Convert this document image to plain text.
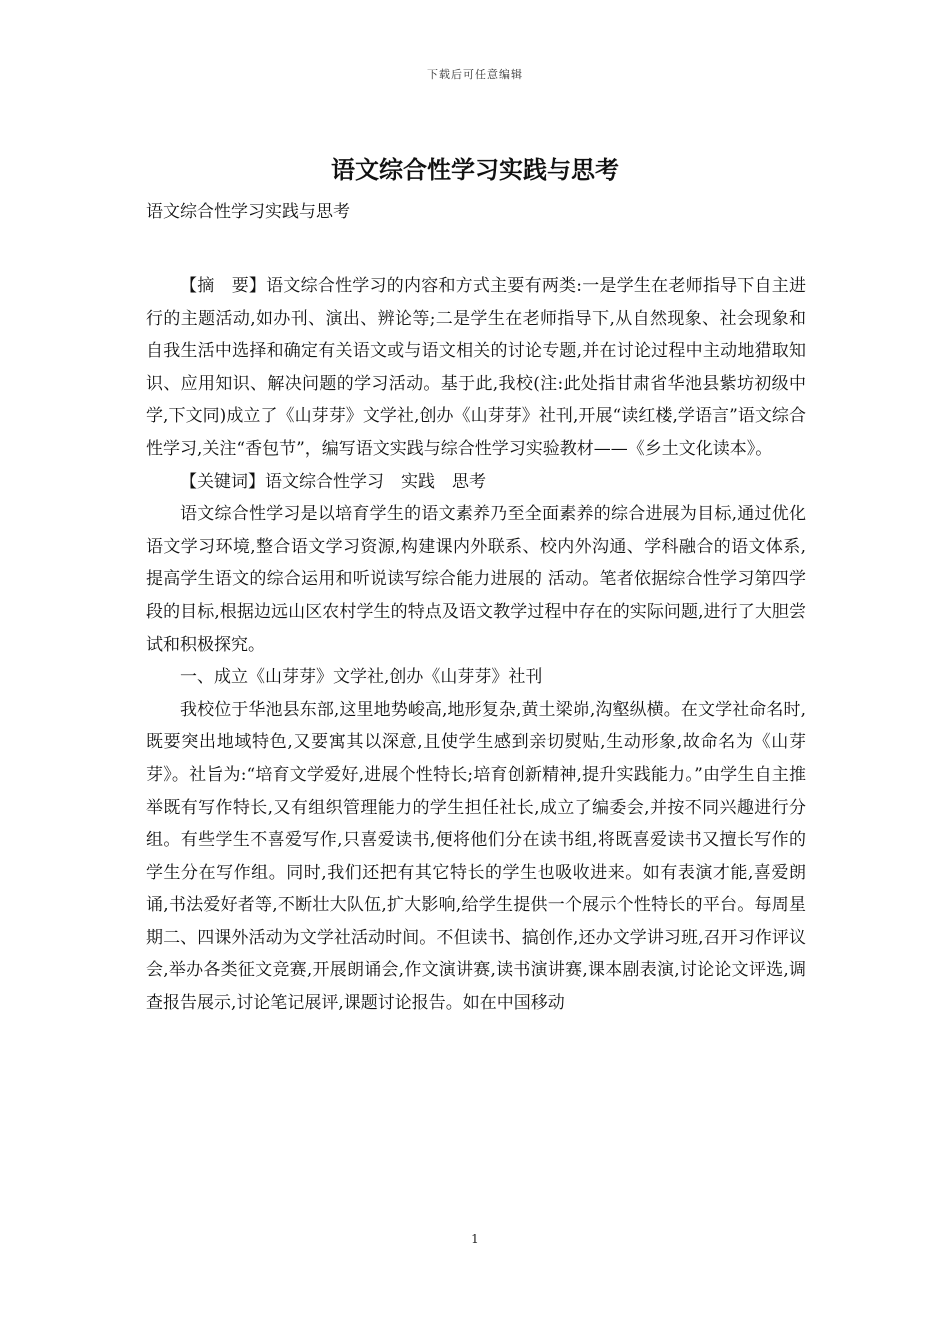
下载后可任意编辑
语文综合性学习实践与思考

语文综合性学习实践与思考

【摘　要】语文综合性学习的内容和方式主要有两类:一是学生在老师指导下自主进行的主题活动,如办刊、演出、辨论等;二是学生在老师指导下,从自然现象、社会现象和自我生活中选择和确定有关语文或与语文相关的讨论专题,并在讨论过程中主动地猎取知识、应用知识、解决问题的学习活动。基于此,我校(注:此处指甘肃省华池县紫坊初级中学,下文同)成立了《山芽芽》文学社,创办《山芽芽》社刊,开展“读红楼,学语言”语文综合性学习,关注“香包节”，编写语文实践与综合性学习实验教材——《乡土文化读本》。

【关键词】语文综合性学习　实践　思考

语文综合性学习是以培育学生的语文素养乃至全面素养的综合进展为目标,通过优化语文学习环境,整合语文学习资源,构建课内外联系、校内外沟通、学科融合的语文体系,提高学生语文的综合运用和听说读写综合能力进展的 活动。笔者依据综合性学习第四学段的目标,根据边远山区农村学生的特点及语文教学过程中存在的实际问题,进行了大胆尝试和积极探究。

一、成立《山芽芽》文学社,创办《山芽芽》社刊

我校位于华池县东部,这里地势峻高,地形复杂,黄土梁峁,沟壑纵横。在文学社命名时,既要突出地域特色,又要寓其以深意,且使学生感到亲切熨贴,生动形象,故命名为《山芽芽》。社旨为:“培育文学爱好,进展个性特长;培育创新精神,提升实践能力。”由学生自主推举既有写作特长,又有组织管理能力的学生担任社长,成立了编委会,并按不同兴趣进行分组。有些学生不喜爱写作,只喜爱读书,便将他们分在读书组,将既喜爱读书又擅长写作的学生分在写作组。同时,我们还把有其它特长的学生也吸收进来。如有表演才能,喜爱朗诵,书法爱好者等,不断壮大队伍,扩大影响,给学生提供一个展示个性特长的平台。每周星期二、四课外活动为文学社活动时间。不但读书、搞创作,还办文学讲习班,召开习作评议会,举办各类征文竞赛,开展朗诵会,作文演讲赛,读书演讲赛,课本剧表演,讨论论文评选,调查报告展示,讨论笔记展评,课题讨论报告。如在中国移动

1
